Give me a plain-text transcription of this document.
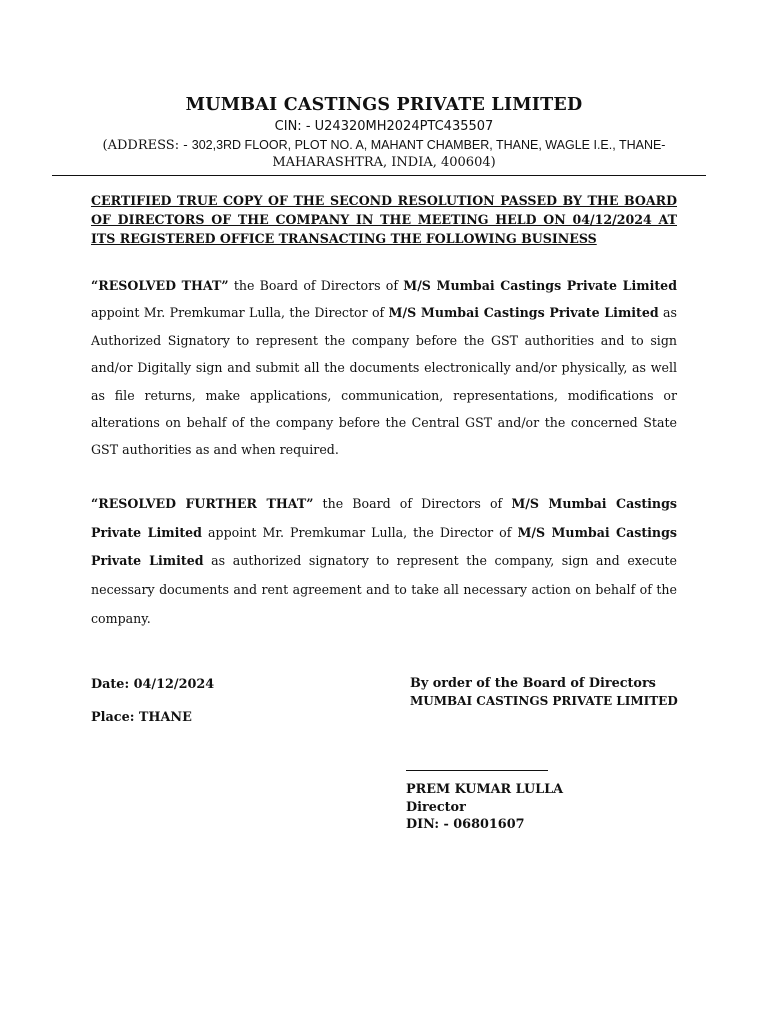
MUMBAI CASTINGS PRIVATE LIMITED
CIN: - U24320MH2024PTC435507
(ADDRESS: - 302,3RD FLOOR, PLOT NO. A, MAHANT CHAMBER, THANE, WAGLE I.E., THANE- MAHARASHTRA, INDIA, 400604)
CERTIFIED TRUE COPY OF THE SECOND RESOLUTION PASSED BY THE BOARD OF DIRECTORS OF THE COMPANY IN THE MEETING HELD ON 04/12/2024 AT ITS REGISTERED OFFICE TRANSACTING THE FOLLOWING BUSINESS
“RESOLVED THAT” the Board of Directors of M/S Mumbai Castings Private Limited appoint Mr. Premkumar Lulla, the Director of M/S Mumbai Castings Private Limited as Authorized Signatory to represent the company before the GST authorities and to sign and/or Digitally sign and submit all the documents electronically and/or physically, as well as file returns, make applications, communication, representations, modifications or alterations on behalf of the company before the Central GST and/or the concerned State GST authorities as and when required.
“RESOLVED FURTHER THAT” the Board of Directors of M/S Mumbai Castings Private Limited appoint Mr. Premkumar Lulla, the Director of M/S Mumbai Castings Private Limited as authorized signatory to represent the company, sign and execute necessary documents and rent agreement and to take all necessary action on behalf of the company.
Date: 04/12/2024
Place: THANE
By order of the Board of Directors
MUMBAI CASTINGS PRIVATE LIMITED
PREM KUMAR LULLA
Director
DIN: - 06801607
